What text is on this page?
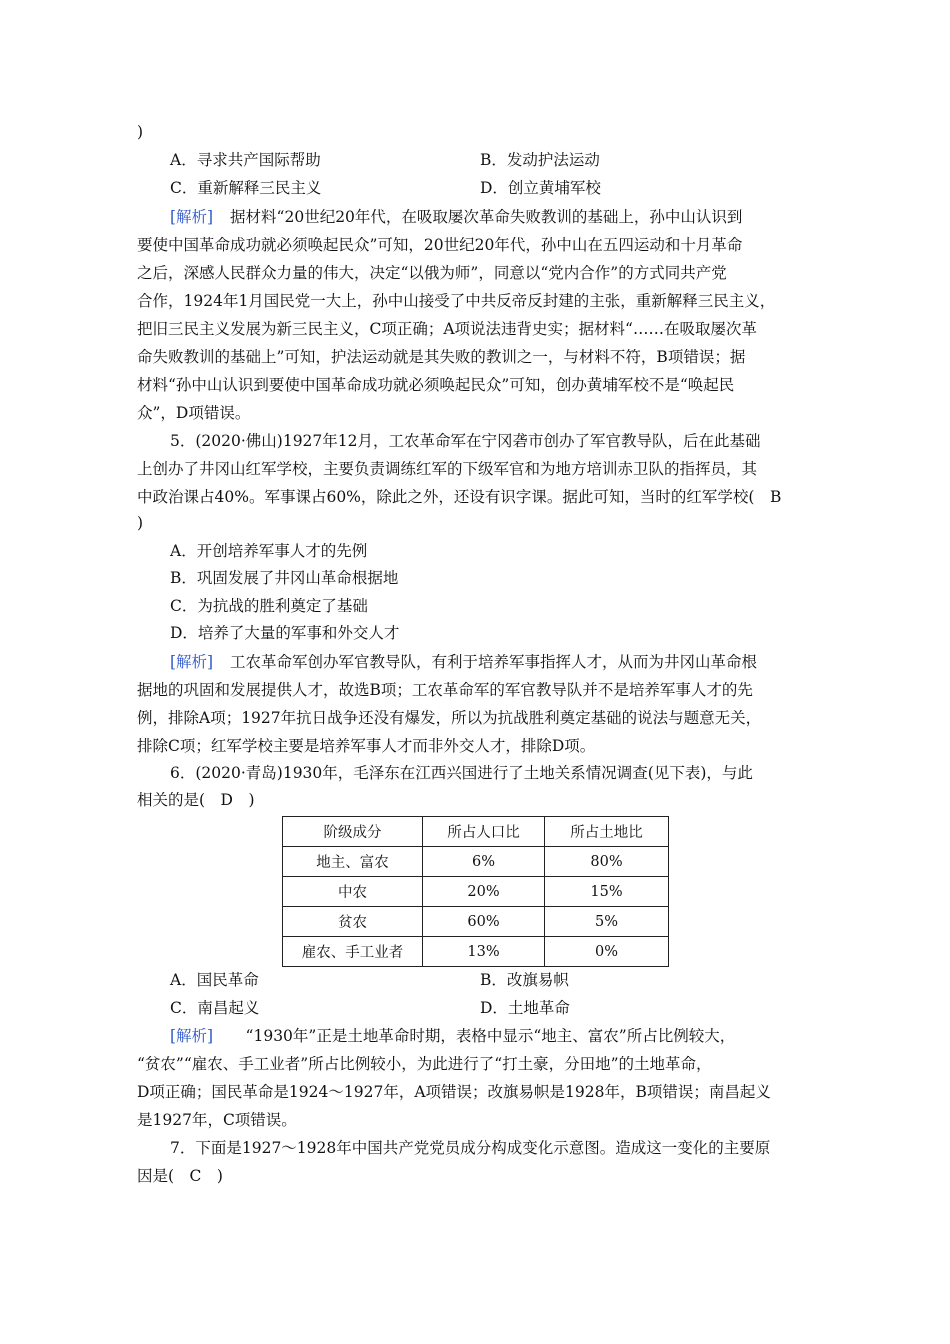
)
A．寻求共产国际帮助	B．发动护法运动
C．重新解释三民主义	D．创立黄埔军校
[解析] 据材料“20世纪20年代，在吸取屡次革命失败教训的基础上，孙中山认识到
要使中国革命成功就必须唤起民众”可知，20世纪20年代，孙中山在五四运动和十月革命
之后，深感人民群众力量的伟大，决定“以俄为师”，同意以“党内合作”的方式同共产党
合作，1924年1月国民党一大上，孙中山接受了中共反帝反封建的主张，重新解释三民主义，
把旧三民主义发展为新三民主义，C项正确；A项说法违背史实；据材料“……在吸取屡次革
命失败教训的基础上”可知，护法运动就是其失败的教训之一，与材料不符，B项错误；据
材料“孙中山认识到要使中国革命成功就必须唤起民众”可知，创办黄埔军校不是“唤起民
众”，D项错误。
5．(2020·佛山)1927年12月，工农革命军在宁冈砻市创办了军官教导队，后在此基础
上创办了井冈山红军学校，主要负责调练红军的下级军官和为地方培训赤卫队的指挥员，其
中政治课占40%。军事课占60%，除此之外，还设有识字课。据此可知，当时的红军学校(　B
)
A．开创培养军事人才的先例
B．巩固发展了井冈山革命根据地
C．为抗战的胜利奠定了基础
D．培养了大量的军事和外交人才
[解析] 工农革命军创办军官教导队，有利于培养军事指挥人才，从而为井冈山革命根
据地的巩固和发展提供人才，故选B项；工农革命军的军官教导队并不是培养军事人才的先
例，排除A项；1927年抗日战争还没有爆发，所以为抗战胜利奠定基础的说法与题意无关，
排除C项；红军学校主要是培养军事人才而非外交人才，排除D项。
6．(2020·青岛)1930年，毛泽东在江西兴国进行了土地关系情况调查(见下表)，与此
相关的是(　D　)
阶级成分	所占人口比	所占土地比
地主、富农	6%	80%
中农	20%	15%
贫农	60%	5%
雇农、手工业者	13%	0%
A．国民革命	B．改旗易帜
C．南昌起义	D．土地革命
[解析] 　“1930年”正是土地革命时期，表格中显示“地主、富农”所占比例较大，
“贫农”“雇农、手工业者”所占比例较小，为此进行了“打土豪，分田地”的土地革命，
D项正确；国民革命是1924～1927年，A项错误；改旗易帜是1928年，B项错误；南昌起义
是1927年，C项错误。
7．下面是1927～1928年中国共产党党员成分构成变化示意图。造成这一变化的主要原
因是(　C　)
